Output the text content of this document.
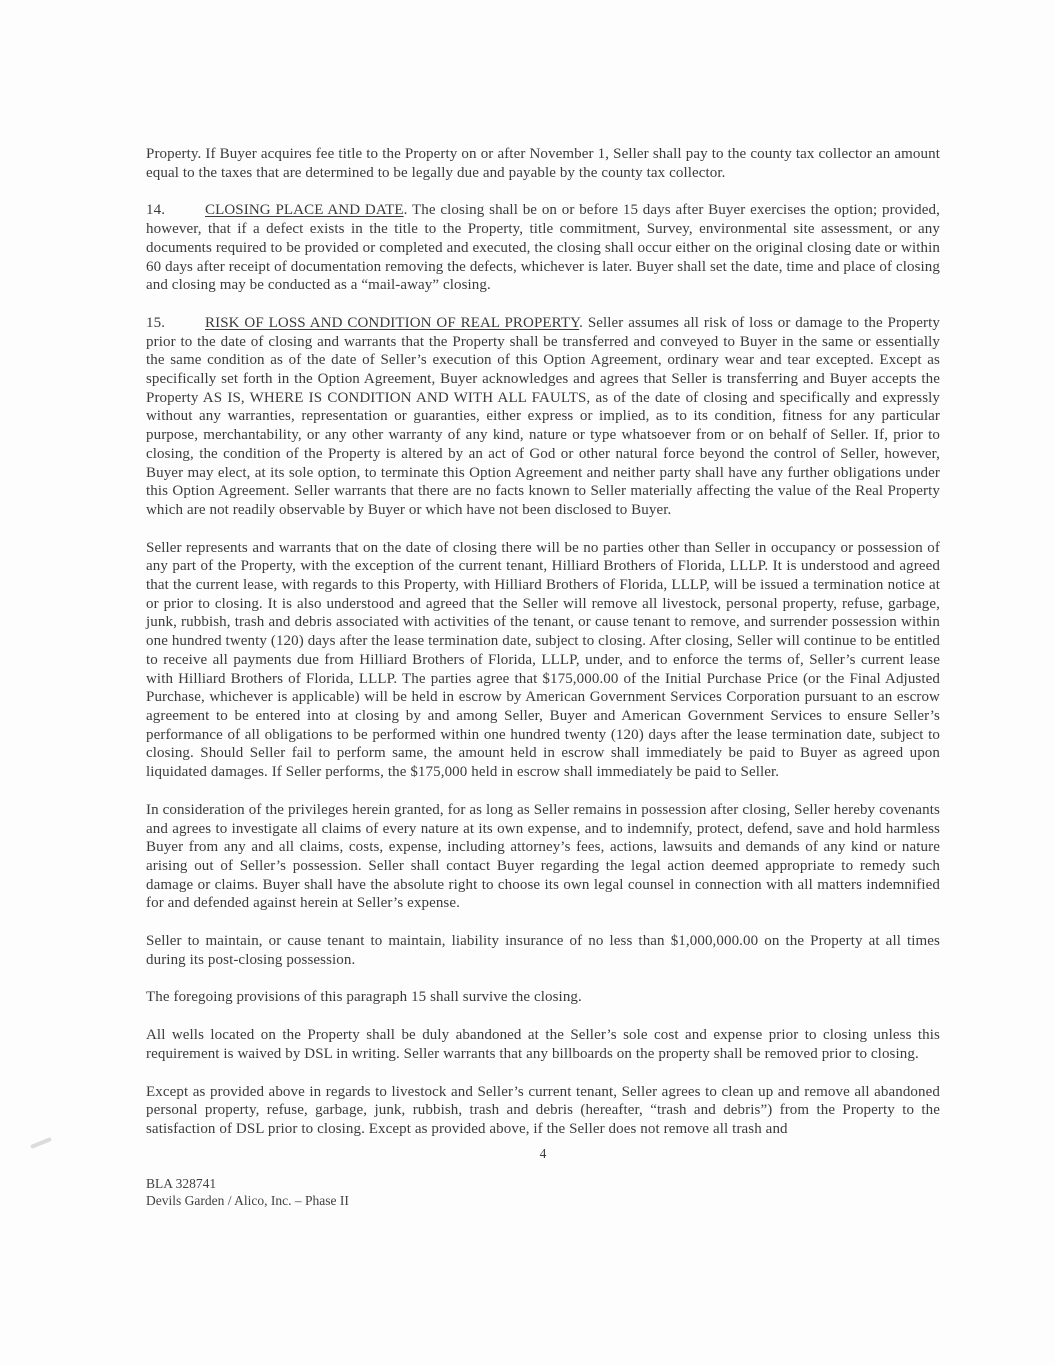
Property. If Buyer acquires fee title to the Property on or after November 1, Seller shall pay to the county tax collector an amount equal to the taxes that are determined to be legally due and payable by the county tax collector.

14.	CLOSING PLACE AND DATE. The closing shall be on or before 15 days after Buyer exercises the option; provided, however, that if a defect exists in the title to the Property, title commitment, Survey, environmental site assessment, or any documents required to be provided or completed and executed, the closing shall occur either on the original closing date or within 60 days after receipt of documentation removing the defects, whichever is later. Buyer shall set the date, time and place of closing and closing may be conducted as a “mail-away” closing.

15.	RISK OF LOSS AND CONDITION OF REAL PROPERTY. Seller assumes all risk of loss or damage to the Property prior to the date of closing and warrants that the Property shall be transferred and conveyed to Buyer in the same or essentially the same condition as of the date of Seller’s execution of this Option Agreement, ordinary wear and tear excepted. Except as specifically set forth in the Option Agreement, Buyer acknowledges and agrees that Seller is transferring and Buyer accepts the Property AS IS, WHERE IS CONDITION AND WITH ALL FAULTS, as of the date of closing and specifically and expressly without any warranties, representation or guaranties, either express or implied, as to its condition, fitness for any particular purpose, merchantability, or any other warranty of any kind, nature or type whatsoever from or on behalf of Seller. If, prior to closing, the condition of the Property is altered by an act of God or other natural force beyond the control of Seller, however, Buyer may elect, at its sole option, to terminate this Option Agreement and neither party shall have any further obligations under this Option Agreement. Seller warrants that there are no facts known to Seller materially affecting the value of the Real Property which are not readily observable by Buyer or which have not been disclosed to Buyer.

Seller represents and warrants that on the date of closing there will be no parties other than Seller in occupancy or possession of any part of the Property, with the exception of the current tenant, Hilliard Brothers of Florida, LLLP. It is understood and agreed that the current lease, with regards to this Property, with Hilliard Brothers of Florida, LLLP, will be issued a termination notice at or prior to closing. It is also understood and agreed that the Seller will remove all livestock, personal property, refuse, garbage, junk, rubbish, trash and debris associated with activities of the tenant, or cause tenant to remove, and surrender possession within one hundred twenty (120) days after the lease termination date, subject to closing. After closing, Seller will continue to be entitled to receive all payments due from Hilliard Brothers of Florida, LLLP, under, and to enforce the terms of, Seller’s current lease with Hilliard Brothers of Florida, LLLP. The parties agree that $175,000.00 of the Initial Purchase Price (or the Final Adjusted Purchase, whichever is applicable) will be held in escrow by American Government Services Corporation pursuant to an escrow agreement to be entered into at closing by and among Seller, Buyer and American Government Services to ensure Seller’s performance of all obligations to be performed within one hundred twenty (120) days after the lease termination date, subject to closing. Should Seller fail to perform same, the amount held in escrow shall immediately be paid to Buyer as agreed upon liquidated damages. If Seller performs, the $175,000 held in escrow shall immediately be paid to Seller.

In consideration of the privileges herein granted, for as long as Seller remains in possession after closing, Seller hereby covenants and agrees to investigate all claims of every nature at its own expense, and to indemnify, protect, defend, save and hold harmless Buyer from any and all claims, costs, expense, including attorney’s fees, actions, lawsuits and demands of any kind or nature arising out of Seller’s possession. Seller shall contact Buyer regarding the legal action deemed appropriate to remedy such damage or claims. Buyer shall have the absolute right to choose its own legal counsel in connection with all matters indemnified for and defended against herein at Seller’s expense.

Seller to maintain, or cause tenant to maintain, liability insurance of no less than $1,000,000.00 on the Property at all times during its post-closing possession.

The foregoing provisions of this paragraph 15 shall survive the closing.

All wells located on the Property shall be duly abandoned at the Seller’s sole cost and expense prior to closing unless this requirement is waived by DSL in writing. Seller warrants that any billboards on the property shall be removed prior to closing.

Except as provided above in regards to livestock and Seller’s current tenant, Seller agrees to clean up and remove all abandoned personal property, refuse, garbage, junk, rubbish, trash and debris (hereafter, “trash and debris”) from the Property to the satisfaction of DSL prior to closing. Except as provided above, if the Seller does not remove all trash and

4
BLA 328741
Devils Garden / Alico, Inc. – Phase II
